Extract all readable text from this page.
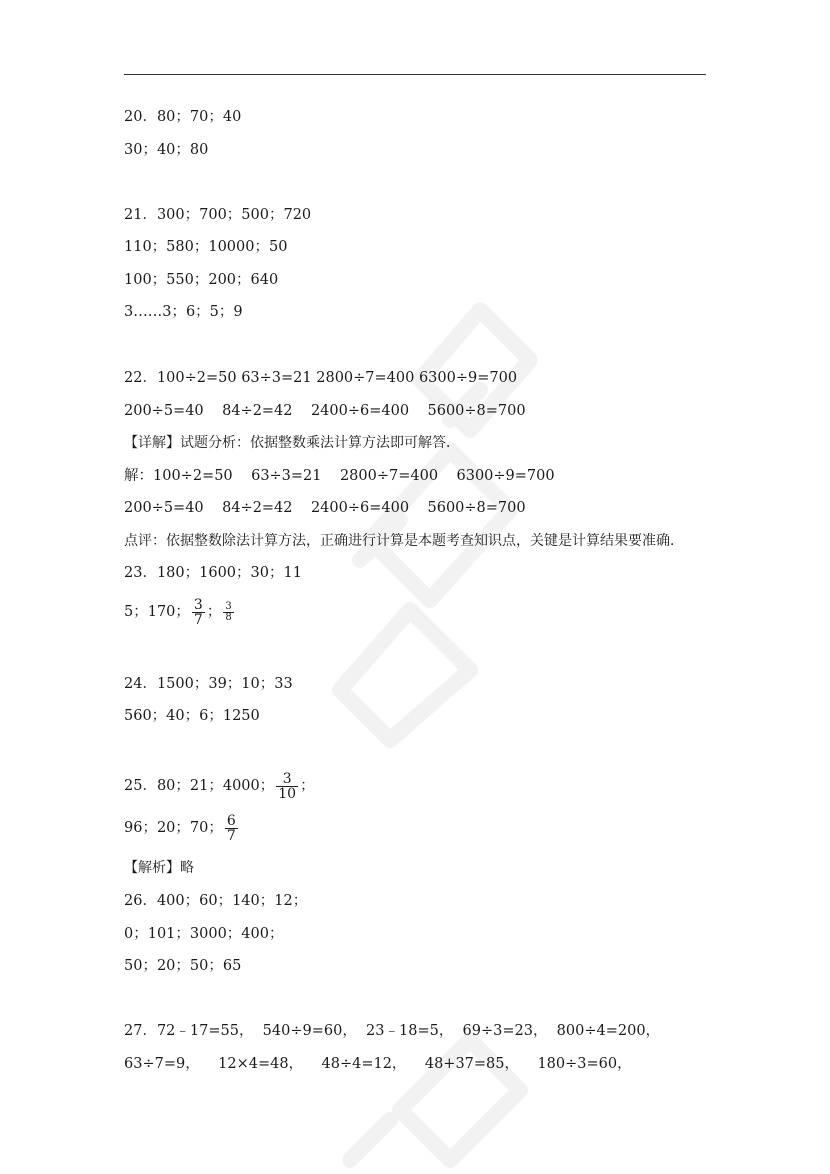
20．80；70；40
30；40；80
21．300；700；500；720
110；580；10000；50
100；550；200；640
3……3；6；5；9
22．100÷2=50 63÷3=21 2800÷7=400 6300÷9=700
200÷5=40    84÷2=42    2400÷6=400    5600÷8=700
【详解】试题分析：依据整数乘法计算方法即可解答．
解：100÷2=50    63÷3=21    2800÷7=400    6300÷9=700
200÷5=40    84÷2=42    2400÷6=400    5600÷8=700
点评：依据整数除法计算方法，正确进行计算是本题考查知识点，关键是计算结果要准确．
23．180；1600；30；11
5；170； $\frac{3}{7}$ ； $\frac{3}{8}$
24．1500；39；10；33
560；40；6；1250
25．80；21；4000； $\frac{3}{10}$ ；
96；20；70； $\frac{6}{7}$
【解析】略
26．400；60；140；12；
0；101；3000；400；
50；20；50；65
27．72﹣17=55，  540÷9=60，  23﹣18=5，  69÷3=23，  800÷4=200，
63÷7=9，    12×4=48，    48÷4=12，    48+37=85，    180÷3=60，
